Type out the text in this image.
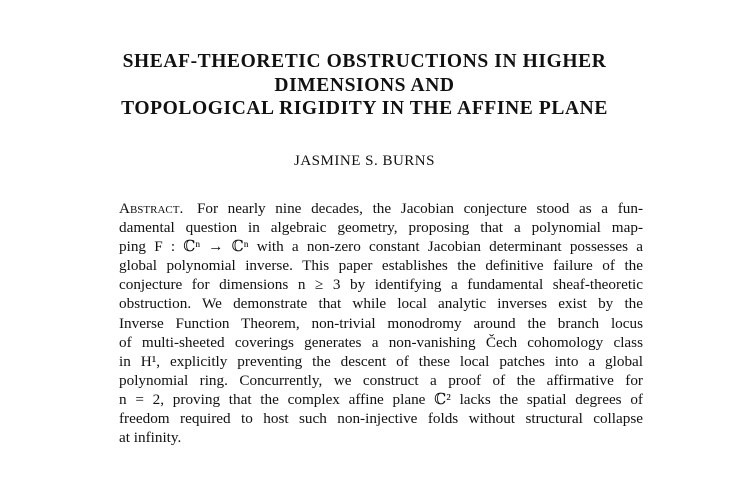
SHEAF-THEORETIC OBSTRUCTIONS IN HIGHER
DIMENSIONS AND
TOPOLOGICAL RIGIDITY IN THE AFFINE PLANE
JASMINE S. BURNS
Abstract. For nearly nine decades, the Jacobian conjecture stood as a fun-
damental question in algebraic geometry, proposing that a polynomial map-
ping F : ℂⁿ → ℂⁿ with a non-zero constant Jacobian determinant possesses a
global polynomial inverse. This paper establishes the definitive failure of the
conjecture for dimensions n ≥ 3 by identifying a fundamental sheaf-theoretic
obstruction. We demonstrate that while local analytic inverses exist by the
Inverse Function Theorem, non-trivial monodromy around the branch locus
of multi-sheeted coverings generates a non-vanishing Čech cohomology class
in H¹, explicitly preventing the descent of these local patches into a global
polynomial ring. Concurrently, we construct a proof of the affirmative for
n = 2, proving that the complex affine plane ℂ² lacks the spatial degrees of
freedom required to host such non-injective folds without structural collapse
at infinity.
